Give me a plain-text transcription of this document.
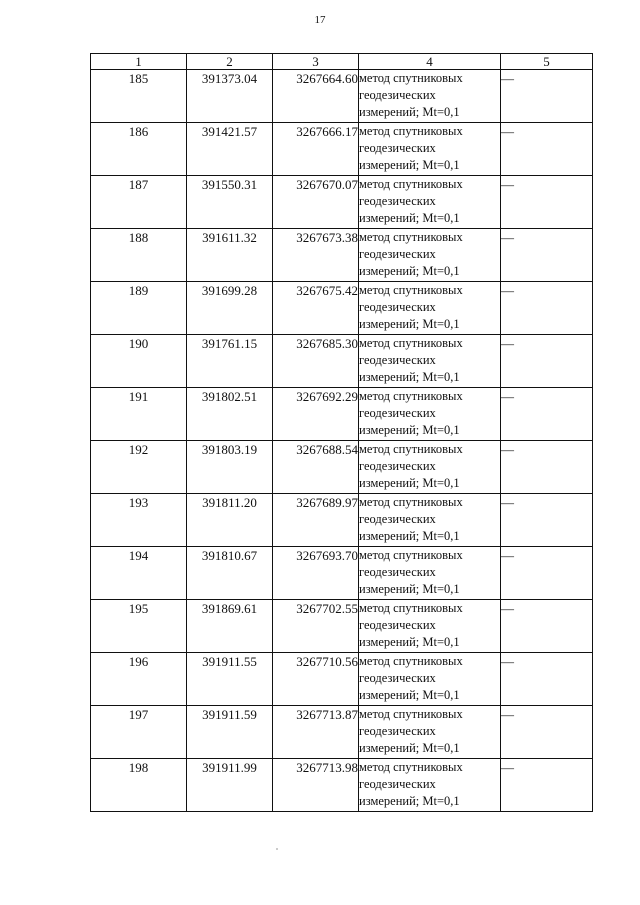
17
1	2	3	4	5
185	391373.04	3267664.60	метод спутниковых
геодезических
измерений; Mt=0,1	—
186	391421.57	3267666.17	метод спутниковых
геодезических
измерений; Mt=0,1	—
187	391550.31	3267670.07	метод спутниковых
геодезических
измерений; Mt=0,1	—
188	391611.32	3267673.38	метод спутниковых
геодезических
измерений; Mt=0,1	—
189	391699.28	3267675.42	метод спутниковых
геодезических
измерений; Mt=0,1	—
190	391761.15	3267685.30	метод спутниковых
геодезических
измерений; Mt=0,1	—
191	391802.51	3267692.29	метод спутниковых
геодезических
измерений; Mt=0,1	—
192	391803.19	3267688.54	метод спутниковых
геодезических
измерений; Mt=0,1	—
193	391811.20	3267689.97	метод спутниковых
геодезических
измерений; Mt=0,1	—
194	391810.67	3267693.70	метод спутниковых
геодезических
измерений; Mt=0,1	—
195	391869.61	3267702.55	метод спутниковых
геодезических
измерений; Mt=0,1	—
196	391911.55	3267710.56	метод спутниковых
геодезических
измерений; Mt=0,1	—
197	391911.59	3267713.87	метод спутниковых
геодезических
измерений; Mt=0,1	—
198	391911.99	3267713.98	метод спутниковых
геодезических
измерений; Mt=0,1	—
